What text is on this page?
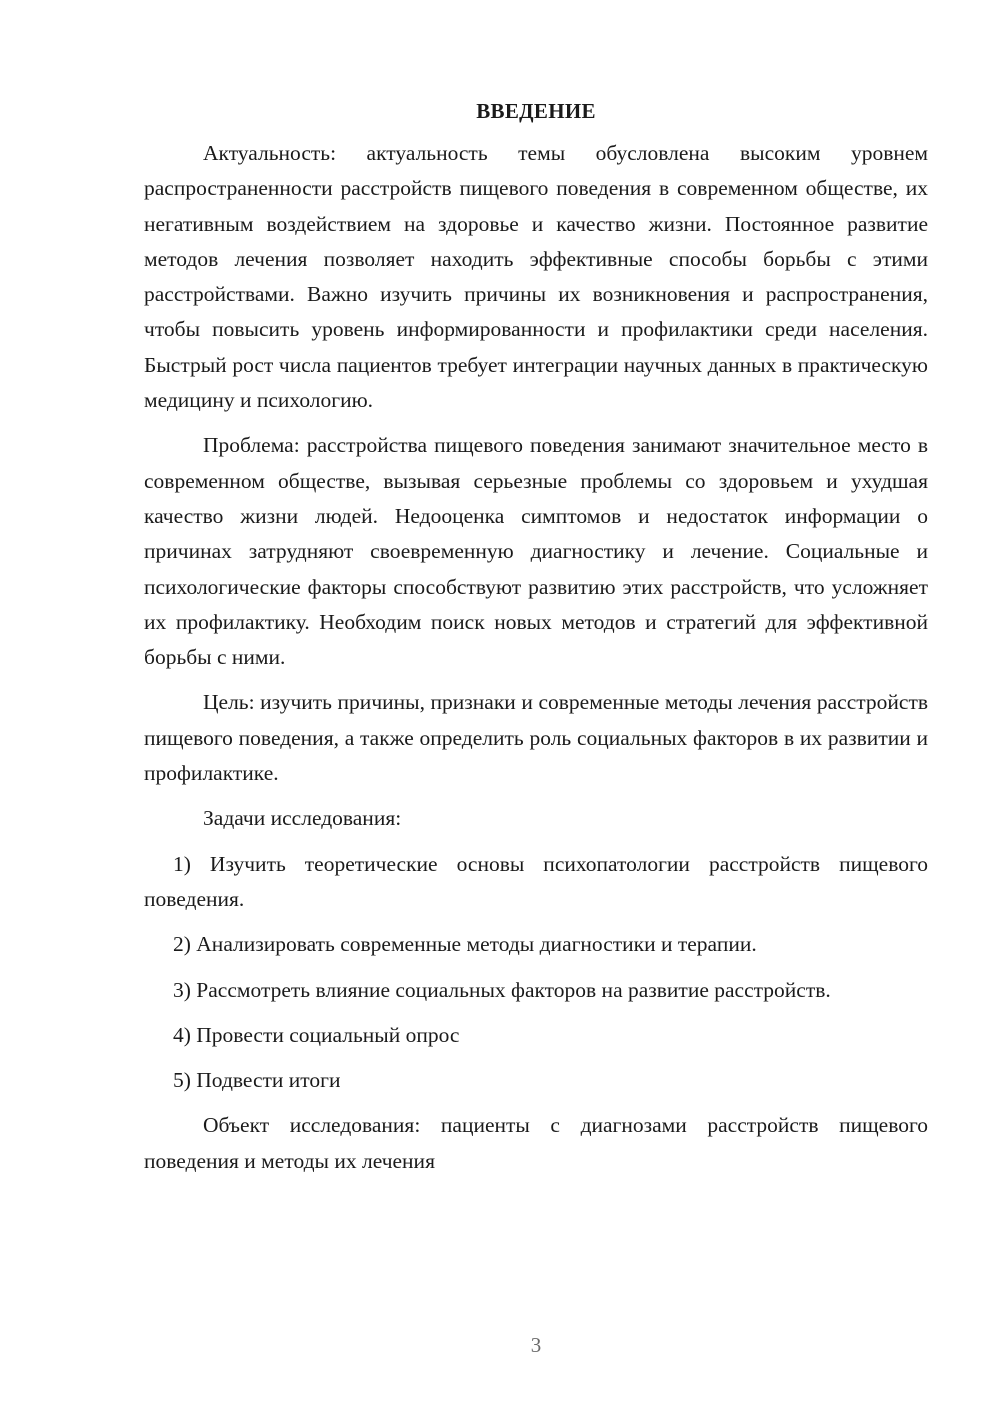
ВВЕДЕНИЕ

Актуальность: актуальность темы обусловлена высоким уровнем распространенности расстройств пищевого поведения в современном обществе, их негативным воздействием на здоровье и качество жизни. Постоянное развитие методов лечения позволяет находить эффективные способы борьбы с этими расстройствами. Важно изучить причины их возникновения и распространения, чтобы повысить уровень информированности и профилактики среди населения. Быстрый рост числа пациентов требует интеграции научных данных в практическую медицину и психологию.

Проблема: расстройства пищевого поведения занимают значительное место в современном обществе, вызывая серьезные проблемы со здоровьем и ухудшая качество жизни людей. Недооценка симптомов и недостаток информации о причинах затрудняют своевременную диагностику и лечение. Социальные и психологические факторы способствуют развитию этих расстройств, что усложняет их профилактику. Необходим поиск новых методов и стратегий для эффективной борьбы с ними.

Цель: изучить причины, признаки и современные методы лечения расстройств пищевого поведения, а также определить роль социальных факторов в их развитии и профилактике.

Задачи исследования:

1) Изучить теоретические основы психопатологии расстройств пищевого поведения.

2) Анализировать современные методы диагностики и терапии.

3) Рассмотреть влияние социальных факторов на развитие расстройств.

4) Провести социальный опрос

5) Подвести итоги

Объект исследования: пациенты с диагнозами расстройств пищевого поведения и методы их лечения

3
